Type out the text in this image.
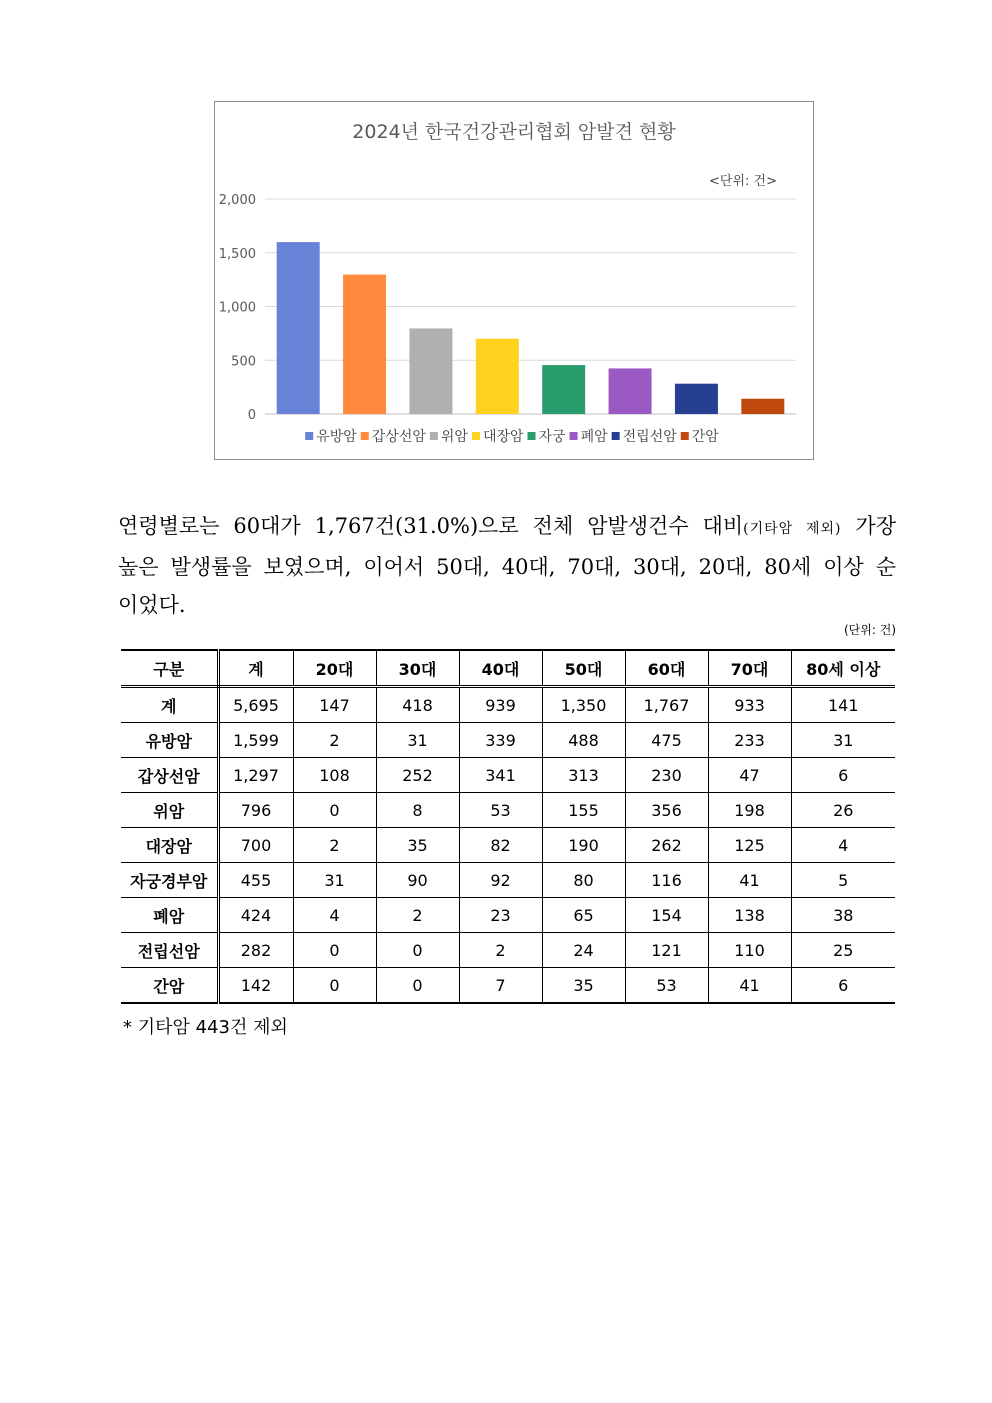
2024년 한국건강관리협회 암발견 현황
<단위: 건>
0
500
1,000
1,500
2,000
유방암 갑상선암 위암 대장암 자궁 폐암 전립선암 간암
연령별로는 60대가 1,767건(31.0%)으로 전체 암발생건수 대비(기타암 제외) 가장 높은 발생률을 보였으며, 이어서 50대, 40대, 70대, 30대, 20대, 80세 이상 순이었다.
(단위: 건)
구분	계	20대	30대	40대	50대	60대	70대	80세 이상
계	5,695	147	418	939	1,350	1,767	933	141
유방암	1,599	2	31	339	488	475	233	31
갑상선암	1,297	108	252	341	313	230	47	6
위암	796	0	8	53	155	356	198	26
대장암	700	2	35	82	190	262	125	4
자궁경부암	455	31	90	92	80	116	41	5
폐암	424	4	2	23	65	154	138	38
전립선암	282	0	0	2	24	121	110	25
간암	142	0	0	7	35	53	41	6
* 기타암 443건 제외
